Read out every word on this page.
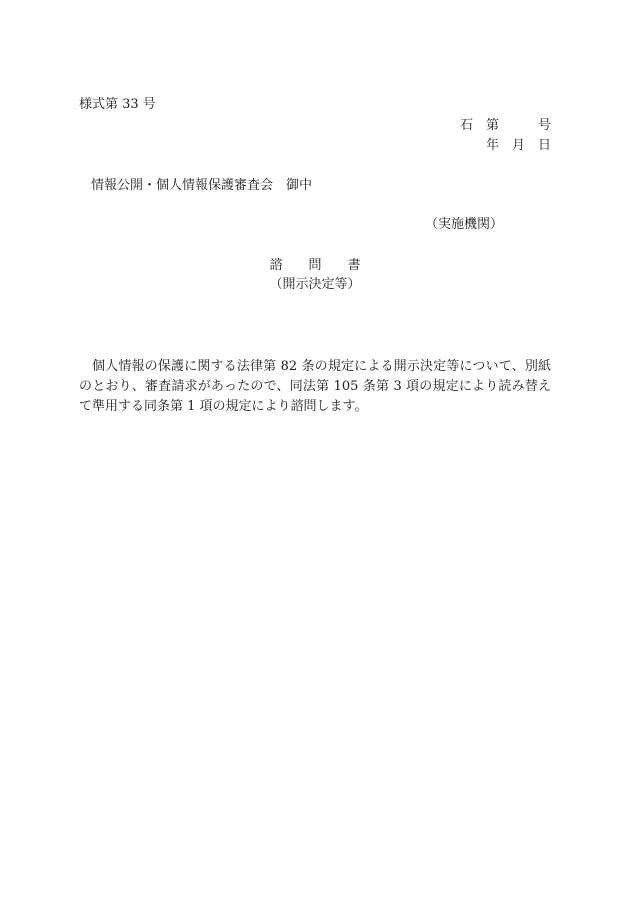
様式第 33 号
石　第　　　号
年　月　日
情報公開・個人情報保護審査会　御中
（実施機関）
諮　　問　　書
（開示決定等）
個人情報の保護に関する法律第 82 条の規定による開示決定等について、別紙のとおり、審査請求があったので、同法第 105 条第 3 項の規定により読み替えて準用する同条第 1 項の規定により諮問します。
